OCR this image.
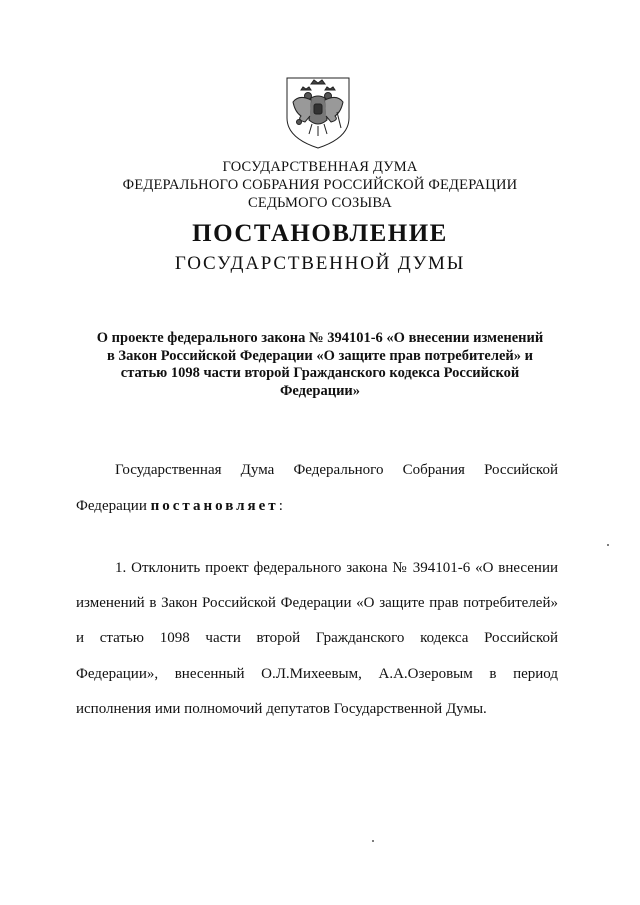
ГОСУДАРСТВЕННАЯ ДУМА
ФЕДЕРАЛЬНОГО СОБРАНИЯ РОССИЙСКОЙ ФЕДЕРАЦИИ
СЕДЬМОГО СОЗЫВА
ПОСТАНОВЛЕНИЕ
ГОСУДАРСТВЕННОЙ ДУМЫ
О проекте федерального закона № 394101-6 «О внесении изменений
в Закон Российской Федерации «О защите прав потребителей» и
статью 1098 части второй Гражданского кодекса Российской
Федерации»
Государственная Дума Федерального Собрания Российской
Федерации постановляет:
1. Отклонить проект федерального закона № 394101-6 «О внесении
изменений в Закон Российской Федерации «О защите прав потребителей»
и статью 1098 части второй Гражданского кодекса Российской
Федерации», внесенный О.Л.Михеевым, А.А.Озеровым в период
исполнения ими полномочий депутатов Государственной Думы.
